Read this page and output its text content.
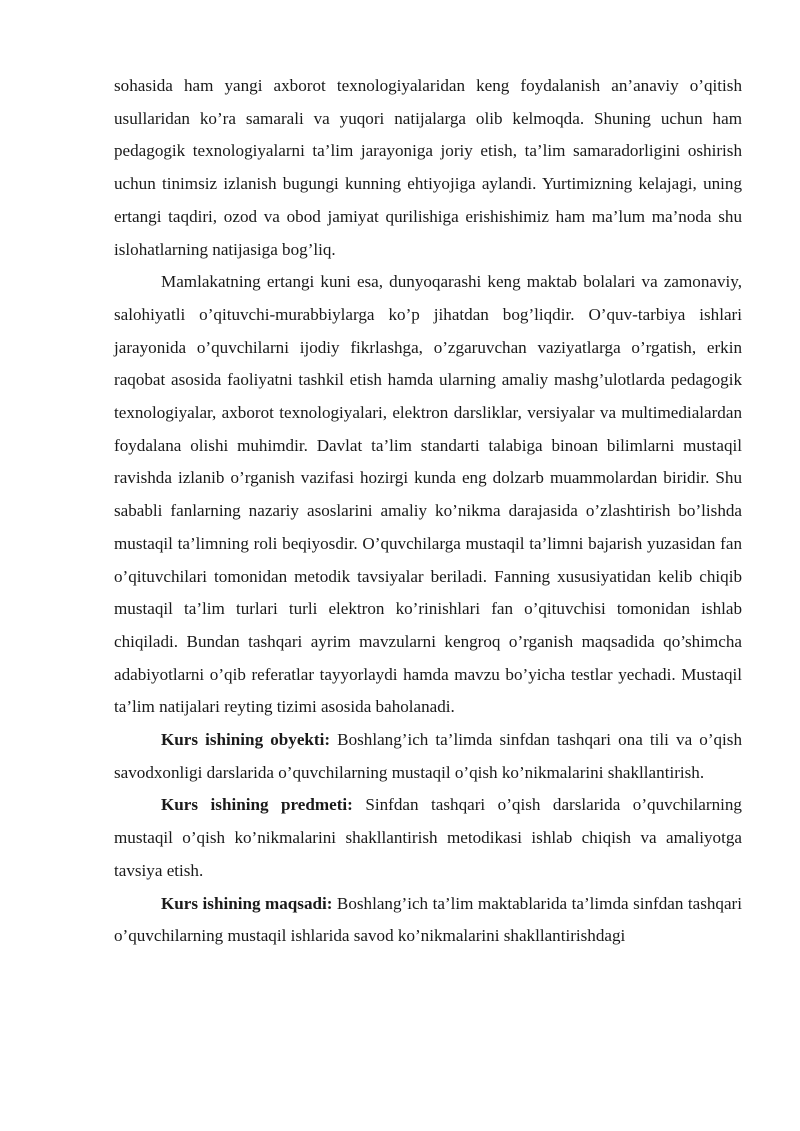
sohasida ham yangi axborot texnologiyalaridan keng foydalanish an’anaviy o’qitish usullaridan ko’ra samarali va yuqori natijalarga olib kelmoqda. Shuning uchun ham pedagogik texnologiyalarni ta’lim jarayoniga joriy etish, ta’lim samaradorligini oshirish uchun tinimsiz izlanish bugungi kunning ehtiyojiga aylandi. Yurtimizning kelajagi, uning ertangi taqdiri, ozod va obod jamiyat qurilishiga erishishimiz ham ma’lum ma’noda shu islohatlarning natijasiga bog’liq.

Mamlakatning ertangi kuni esa, dunyoqarashi keng maktab bolalari va zamonaviy, salohiyatli o’qituvchi-murabbiylarga ko’p jihatdan bog’liqdir. O’quv-tarbiya ishlari jarayonida o’quvchilarni ijodiy fikrlashga, o’zgaruvchan vaziyatlarga o’rgatish, erkin raqobat asosida faoliyatni tashkil etish hamda ularning amaliy mashg’ulotlarda pedagogik texnologiyalar, axborot texnologiyalari, elektron darsliklar, versiyalar va multimedialardan foydalana olishi muhimdir. Davlat ta’lim standarti talabiga binoan bilimlarni mustaqil ravishda izlanib o’rganish vazifasi hozirgi kunda eng dolzarb muammolardan biridir. Shu sababli fanlarning nazariy asoslarini amaliy ko’nikma darajasida o’zlashtirish bo’lishda mustaqil ta’limning roli beqiyosdir. O’quvchilarga mustaqil ta’limni bajarish yuzasidan fan o’qituvchilari tomonidan metodik tavsiyalar beriladi. Fanning xususiyatidan kelib chiqib mustaqil ta’lim turlari turli elektron ko’rinishlari fan o’qituvchisi tomonidan ishlab chiqiladi. Bundan tashqari ayrim mavzularni kengroq o’rganish maqsadida qo’shimcha adabiyotlarni o’qib referatlar tayyorlaydi hamda mavzu bo’yicha testlar yechadi. Mustaqil ta’lim natijalari reyting tizimi asosida baholanadi.

Kurs ishining obyekti: Boshlang’ich ta’limda sinfdan tashqari ona tili va o’qish savodxonligi darslarida o’quvchilarning mustaqil o’qish ko’nikmalarini shakllantirish.

Kurs ishining predmeti: Sinfdan tashqari o’qish darslarida o’quvchilarning mustaqil o’qish ko’nikmalarini shakllantirish metodikasi ishlab chiqish va amaliyotga tavsiya etish.

Kurs ishining maqsadi: Boshlang’ich ta’lim maktablarida ta’limda sinfdan tashqari o’quvchilarning mustaqil ishlarida savod ko’nikmalarini shakllantirishdagi
